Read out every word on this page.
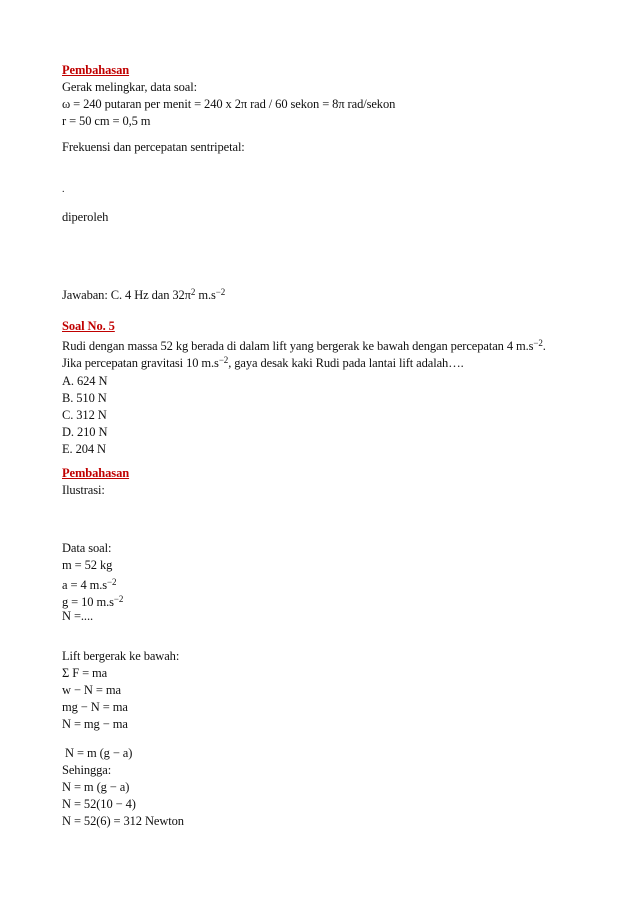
Pembahasan
Gerak melingkar, data soal:
ω = 240 putaran per menit = 240 x 2π rad / 60 sekon = 8π rad/sekon
r = 50 cm = 0,5 m
Frekuensi dan percepatan sentripetal:
.
diperoleh
Jawaban: C. 4 Hz dan $32\pi^2$ $m.s^{-2}$
Soal No. 5
Rudi dengan massa 52 kg berada di dalam lift yang bergerak ke bawah dengan percepatan 4 $m.s^{-2}$.
Jika percepatan gravitasi 10 $m.s^{-2}$, gaya desak kaki Rudi pada lantai lift adalah….
A. 624 N
B. 510 N
C. 312 N
D. 210 N
E. 204 N
Pembahasan
Ilustrasi:
Data soal:
m = 52 kg
a = 4 $m.s^{-2}$
g = 10 $m.s^{-2}$
N =....
Lift bergerak ke bawah:
Σ F = ma
w − N = ma
mg − N = ma
N = mg − ma
N = m (g − a)
Sehingga:
N = m (g − a)
N = 52(10 − 4)
N = 52(6) = 312 Newton
